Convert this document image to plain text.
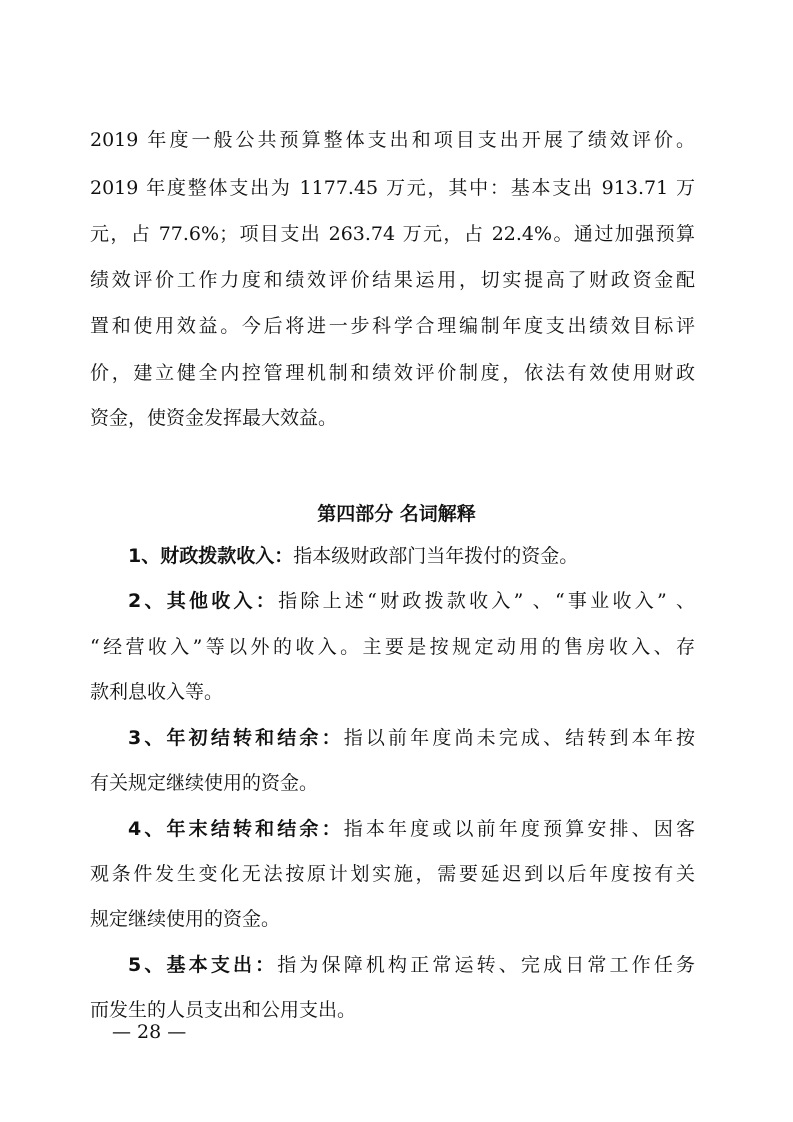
2019 年度一般公共预算整体支出和项目支出开展了绩效评价。
2019 年度整体支出为 1177.45 万元，其中：基本支出 913.71 万
元，占 77.6%；项目支出 263.74 万元，占 22.4%。通过加强预算
绩效评价工作力度和绩效评价结果运用，切实提高了财政资金配
置和使用效益。今后将进一步科学合理编制年度支出绩效目标评
价，建立健全内控管理机制和绩效评价制度，依法有效使用财政
资金，使资金发挥最大效益。
第四部分 名词解释
1、财政拨款收入：指本级财政部门当年拨付的资金。
2、其他收入：指除上述“财政拨款收入” 、“事业收入” 、
“经营收入”等以外的收入。主要是按规定动用的售房收入、存
款利息收入等。
3、年初结转和结余：指以前年度尚未完成、结转到本年按
有关规定继续使用的资金。
4、年末结转和结余：指本年度或以前年度预算安排、因客
观条件发生变化无法按原计划实施，需要延迟到以后年度按有关
规定继续使用的资金。
5、基本支出：指为保障机构正常运转、完成日常工作任务
而发生的人员支出和公用支出。
— 28 —
